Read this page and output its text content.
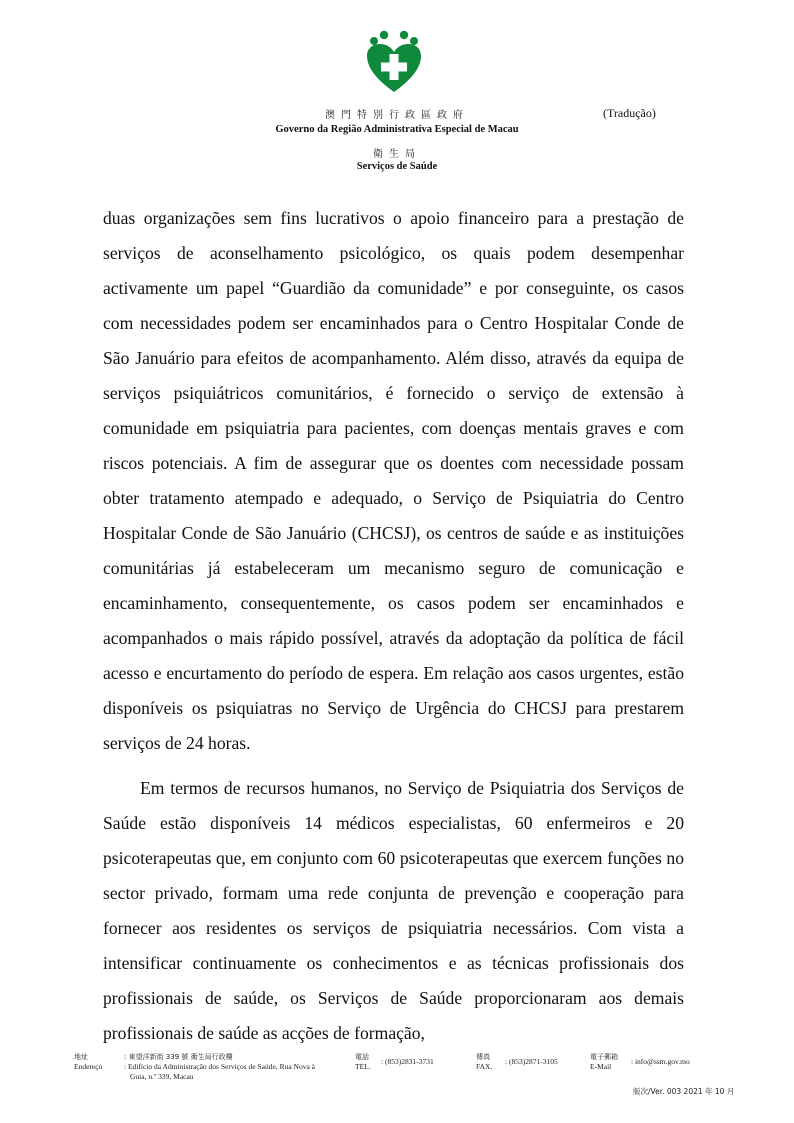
澳門特別行政區政府	(Tradução)
Governo da Região Administrativa Especial de Macau
衛生局
Serviços de Saúde

duas organizações sem fins lucrativos o apoio financeiro para a prestação de serviços de aconselhamento psicológico, os quais podem desempenhar activamente um papel “Guardião da comunidade” e por conseguinte, os casos com necessidades podem ser encaminhados para o Centro Hospitalar Conde de São Januário para efeitos de acompanhamento. Além disso, através da equipa de serviços psiquiátricos comunitários, é fornecido o serviço de extensão à comunidade em psiquiatria para pacientes, com doenças mentais graves e com riscos potenciais. A fim de assegurar que os doentes com necessidade possam obter tratamento atempado e adequado, o Serviço de Psiquiatria do Centro Hospitalar Conde de São Januário (CHCSJ), os centros de saúde e as instituições comunitárias já estabeleceram um mecanismo seguro de comunicação e encaminhamento, consequentemente, os casos podem ser encaminhados e acompanhados o mais rápido possível, através da adoptação da política de fácil acesso e encurtamento do período de espera. Em relação aos casos urgentes, estão disponíveis os psiquiatras no Serviço de Urgência do CHCSJ para prestarem serviços de 24 horas.

Em termos de recursos humanos, no Serviço de Psiquiatria dos Serviços de Saúde estão disponíveis 14 médicos especialistas, 60 enfermeiros e 20 psicoterapeutas que, em conjunto com 60 psicoterapeutas que exercem funções no sector privado, formam uma rede conjunta de prevenção e cooperação para fornecer aos residentes os serviços de psiquiatria necessários. Com vista a intensificar continuamente os conhecimentos e as técnicas profissionais dos profissionais de saúde, os Serviços de Saúde proporcionaram aos demais profissionais de saúde as acções de formação,

地址
Endereço
: 東望洋新街 339 號 衛生局行政樓
: Edifício da Administração dos Serviços de Saúde, Rua Nova à
Guia, n.º 339, Macau
電話
TEL.
: (853)2831-3731	傳真
FAX.
: (853)2871-3105	電子郵箱
E-Mail
: info@ssm.gov.mo
版次/Ver. 003 2021 年 10 月
